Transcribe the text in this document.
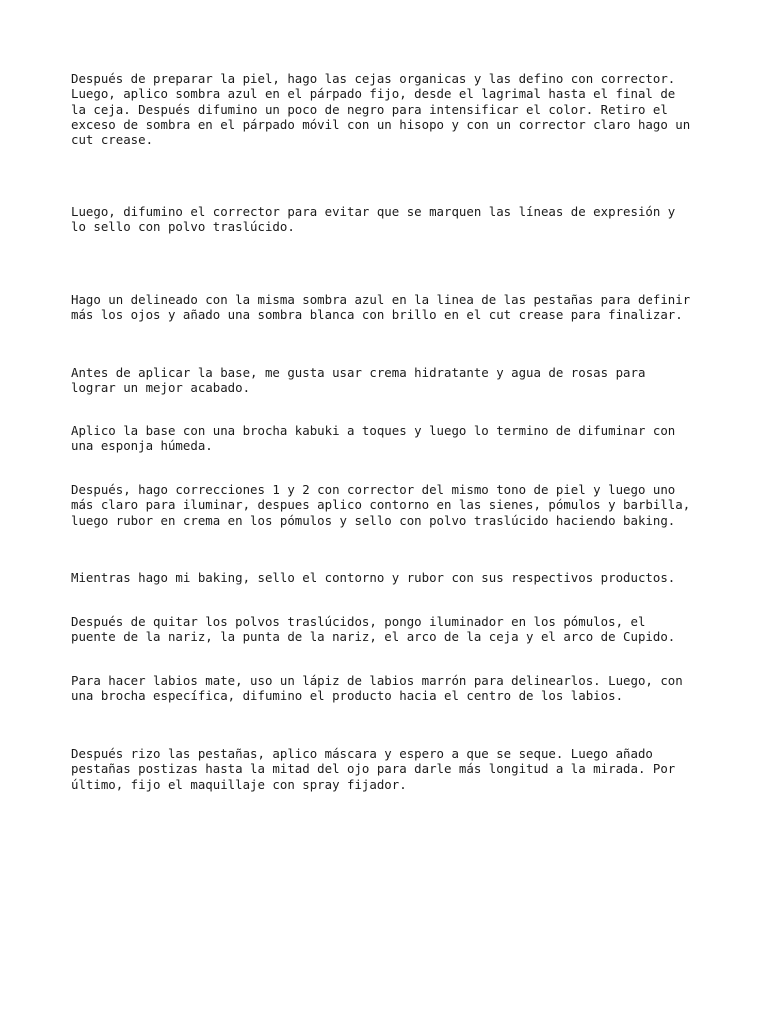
Después de preparar la piel, hago las cejas organicas y las defino con corrector.
Luego, aplico sombra azul en el párpado fijo, desde el lagrimal hasta el final de
la ceja. Después difumino un poco de negro para intensificar el color. Retiro el
exceso de sombra en el párpado móvil con un hisopo y con un corrector claro hago un
cut crease.

Luego, difumino el corrector para evitar que se marquen las líneas de expresión y
lo sello con polvo traslúcido.

Hago un delineado con la misma sombra azul en la linea de las pestañas para definir
más los ojos y añado una sombra blanca con brillo en el cut crease para finalizar.

Antes de aplicar la base, me gusta usar crema hidratante y agua de rosas para
lograr un mejor acabado.

Aplico la base con una brocha kabuki a toques y luego lo termino de difuminar con
una esponja húmeda.

Después, hago correcciones 1 y 2 con corrector del mismo tono de piel y luego uno
más claro para iluminar, despues aplico contorno en las sienes, pómulos y barbilla,
luego rubor en crema en los pómulos y sello con polvo traslúcido haciendo baking.

Mientras hago mi baking, sello el contorno y rubor con sus respectivos productos.

Después de quitar los polvos traslúcidos, pongo iluminador en los pómulos, el
puente de la nariz, la punta de la nariz, el arco de la ceja y el arco de Cupido.

Para hacer labios mate, uso un lápiz de labios marrón para delinearlos. Luego, con
una brocha específica, difumino el producto hacia el centro de los labios.

Después rizo las pestañas, aplico máscara y espero a que se seque. Luego añado
pestañas postizas hasta la mitad del ojo para darle más longitud a la mirada. Por
último, fijo el maquillaje con spray fijador.
